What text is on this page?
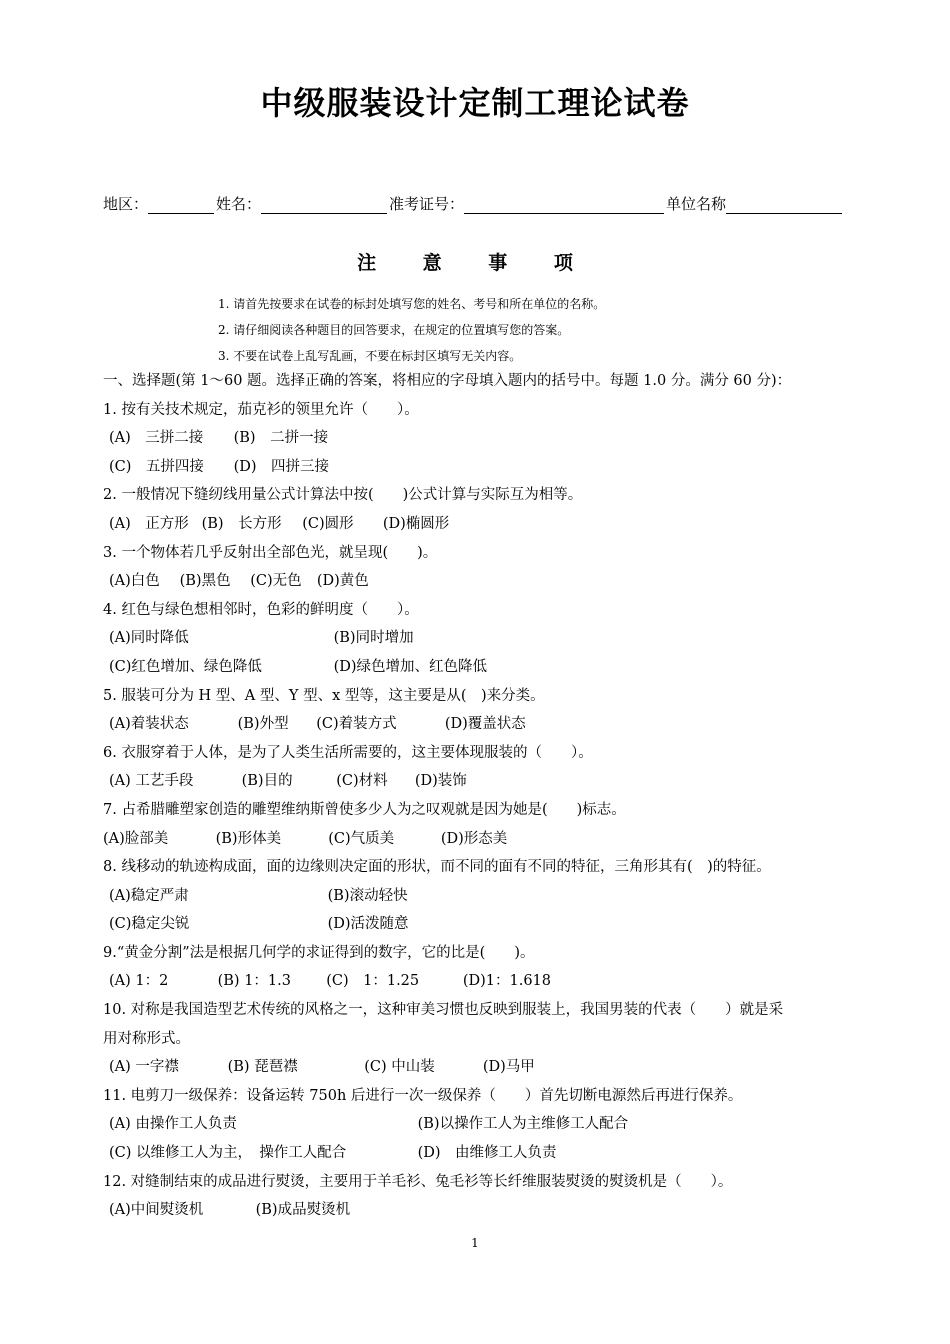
中级服装设计定制工理论试卷
地区：	姓名：	准考证号：	单位名称
注 意 事 项
1. 请首先按要求在试卷的标封处填写您的姓名、考号和所在单位的名称。
2. 请仔细阅读各种题目的回答要求，在规定的位置填写您的答案。
3. 不要在试卷上乱写乱画，不要在标封区填写无关内容。
一、选择题(第 1～60 题。选择正确的答案，将相应的字母填入题内的括号中。每题 1.0 分。满分 60 分)：
1. 按有关技术规定，茄克衫的领里允许（　　）。
(A)　三拼二接 (B)　二拼一接
(C)　五拼四接 (D)　四拼三接
2. 一般情况下缝纫线用量公式计算法中按(　　)公式计算与实际互为相等。
(A)　正方形 (B)　长方形 (C)圆形 (D)椭圆形
3. 一个物体若几乎反射出全部色光，就呈现(　　)。
(A)白色 (B)黑色 (C)无色 (D)黄色
4. 红色与绿色想相邻时，色彩的鲜明度（　　）。
(A)同时降低	(B)同时增加
(C)红色增加、绿色降低	(D)绿色增加、红色降低
5. 服装可分为 H 型、A 型、Y 型、x 型等，这主要是从(　)来分类。
(A)着装状态	(B)外型 (C)着装方式	(D)覆盖状态
6. 衣服穿着于人体，是为了人类生活所需要的，这主要体现服装的（　　）。
(A) 工艺手段	(B)目的	(C)材料 (D)装饰
7. 占希腊雕塑家创造的雕塑维纳斯曾使多少人为之叹观就是因为她是(　　)标志。
(A)脸部美	(B)形体美	(C)气质美	(D)形态美
8. 线移动的轨迹构成面，面的边缘则决定面的形状，而不同的面有不同的特征，三角形其有(　)的特征。
(A)稳定严肃	(B)滚动轻快
(C)稳定尖锐	(D)活泼随意
9.“黄金分割”法是根据几何学的求证得到的数字，它的比是(　　)。
(A) 1：2	(B) 1：1.3 (C)　1：1.25	(D)1：1.618
10. 对称是我国造型艺术传统的风格之一，这种审美习惯也反映到服装上，我国男装的代表（　　）就是采
用对称形式。
(A) 一字襟	(B) 琵琶襟	(C) 中山装	(D)马甲
11. 电剪刀一级保养：设备运转 750h 后进行一次一级保养（　　）首先切断电源然后再进行保养。
(A) 由操作工人负责	(B)以操作工人为主维修工人配合
(C) 以维修工人为主，　操作工人配合	(D)　由维修工人负责
12. 对缝制结束的成品进行熨烫，主要用于羊毛衫、兔毛衫等长纤维服装熨烫的熨烫机是（　　）。
(A)中间熨烫机	(B)成品熨烫机
1
